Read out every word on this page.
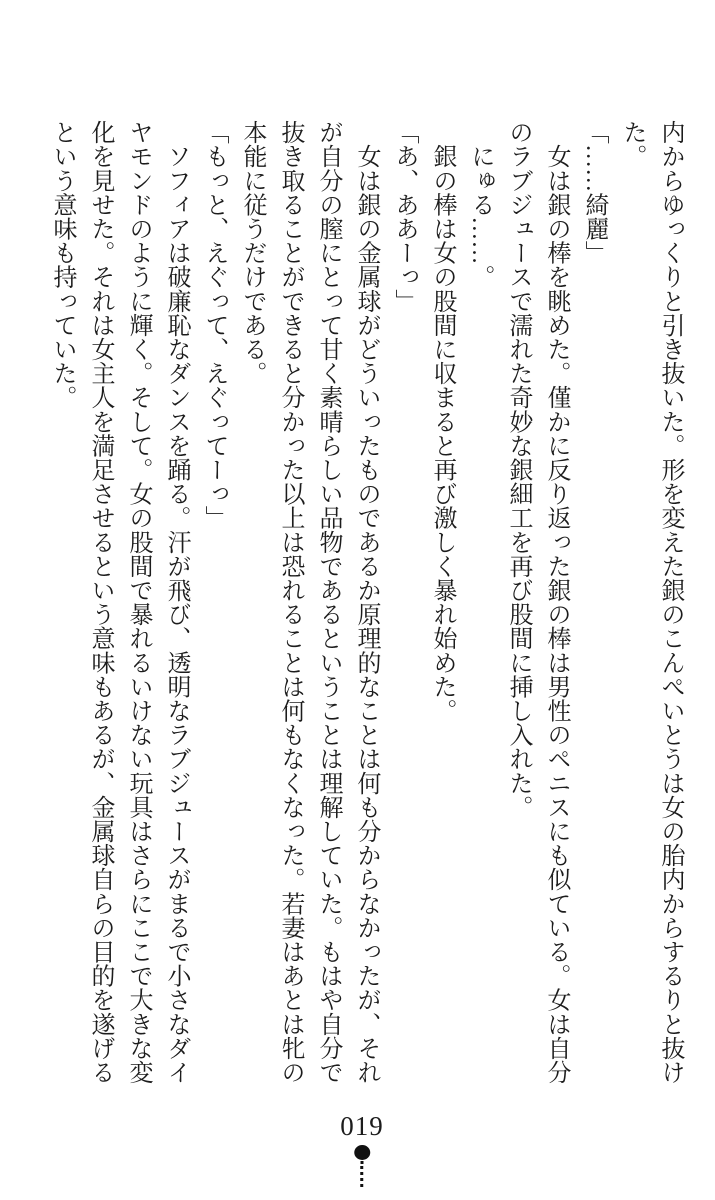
内からゆっくりと引き抜いた。形を変えた銀のこんぺいとうは女の胎内からするりと抜け
た。
「……綺麗」
　女は銀の棒を眺めた。僅かに反り返った銀の棒は男性のペニスにも似ている。女は自分
のラブジュースで濡れた奇妙な銀細工を再び股間に挿し入れた。
　にゅる……。
　銀の棒は女の股間に収まると再び激しく暴れ始めた。
「あ、ああーっ」
　女は銀の金属球がどういったものであるか原理的なことは何も分からなかったが、それ
が自分の膣にとって甘く素晴らしい品物であるということは理解していた。もはや自分で
抜き取ることができると分かった以上は恐れることは何もなくなった。若妻はあとは牝の
本能に従うだけである。
「もっと、えぐって、えぐってーっ」
　ソフィアは破廉恥なダンスを踊る。汗が飛び、透明なラブジュースがまるで小さなダイ
ヤモンドのように輝く。そして。女の股間で暴れるいけない玩具はさらにここで大きな変
化を見せた。それは女主人を満足させるという意味もあるが、金属球自らの目的を遂げる
という意味も持っていた。
019
